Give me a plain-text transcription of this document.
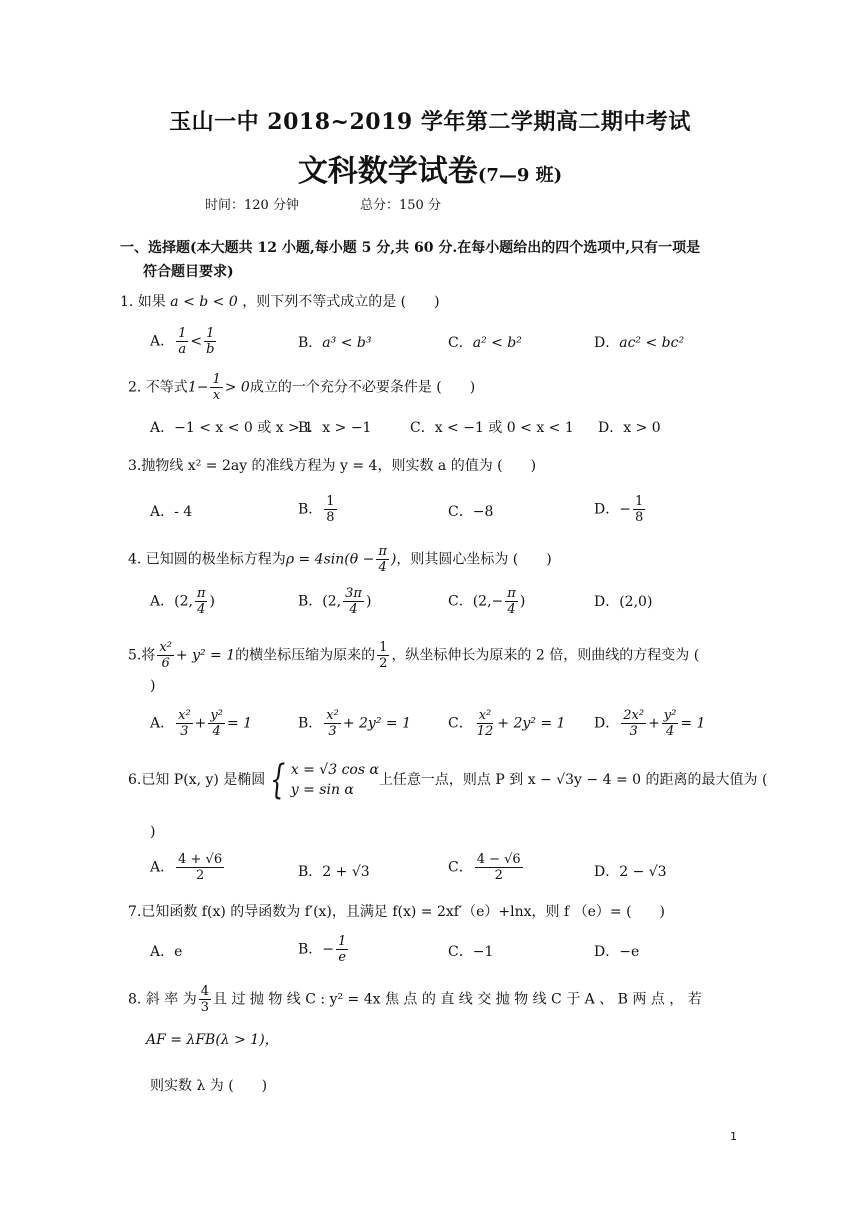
玉山一中 2018~2019 学年第二学期高二期中考试
文科数学试卷(7—9 班)
时间：120 分钟	总分：150 分
一、选择题(本大题共 12 小题,每小题 5 分,共 60 分.在每小题给出的四个选项中,只有一项是
符合题目要求)
1. 如果 a < b < 0 ，则下列不等式成立的是 (　　)
A． $\frac{1}{a} < \frac{1}{b}$	B．a³ < b³	C．a² < b²	D．ac² < bc²
2. 不等式$1- \frac{1}{x} > 0$成立的一个充分不必要条件是 (　　)
A．−1 < x < 0 或 x > 1
B．x > −1	C．x < −1 或 0 < x < 1 D．x > 0
3.抛物线 x² = 2ay 的准线方程为 y = 4，则实数 a 的值为 (　　)
A．- 4	B． $\frac{1}{8}$	C．−8	D．− $\frac{1}{8}$
4. 已知圆的极坐标方程为$\rho = 4\sin(\theta - \frac{\pi}{4}$ )，则其圆心坐标为 (　　)
A．(2, $\frac{\pi}{4}$ )	B．(2, $\frac{3\pi}{4}$ )	C．($2,- \frac{\pi}{4}$ )	D．(2,0)
5.将 $\frac{\text{x²}}{6} + y^2 = 1$的横坐标压缩为原来的 $\frac{1}{2}$ ，纵坐标伸长为原来的 2 倍，则曲线的方程变为 (
)
A． $\frac{\text{x²}}{3} + \frac{\text{y²}}{4} = 1$	B． $\frac{\text{x²}}{3} + 2y^2 = 1$	C． $\frac{\text{x²}}{12} + 2y^2 = 1$ D． $\frac{\text{2x²}}{3} + \frac{\text{y²}}{4} = 1$
6.已知 P(x, y) 是椭圆 { x = √3 cos α
y = sin α
上任意一点，则点 P 到 x − √3y − 4 = 0 的距离的最大值为 (
)
A． $\frac{4 + √6}{2}$	B．2 + √3	C． $\frac{4 - √6}{2}$	D．2 − √3
7.已知函数 f(x) 的导函数为 f′(x)，且满足 f(x) = 2xf′（e）+lnx，则 f （e）= (　　)
A．e	B．− $\frac{1}{e}$	C．−1	D．−e
8. 斜 率 为 $\frac{4}{3}$ 且 过 抛 物 线 C : y² = 4x 焦 点 的 直 线 交 抛 物 线 C 于 A 、 B 两 点 ， 若
AF = λFB(λ > 1)，
则实数 λ 为 (　　)
1
